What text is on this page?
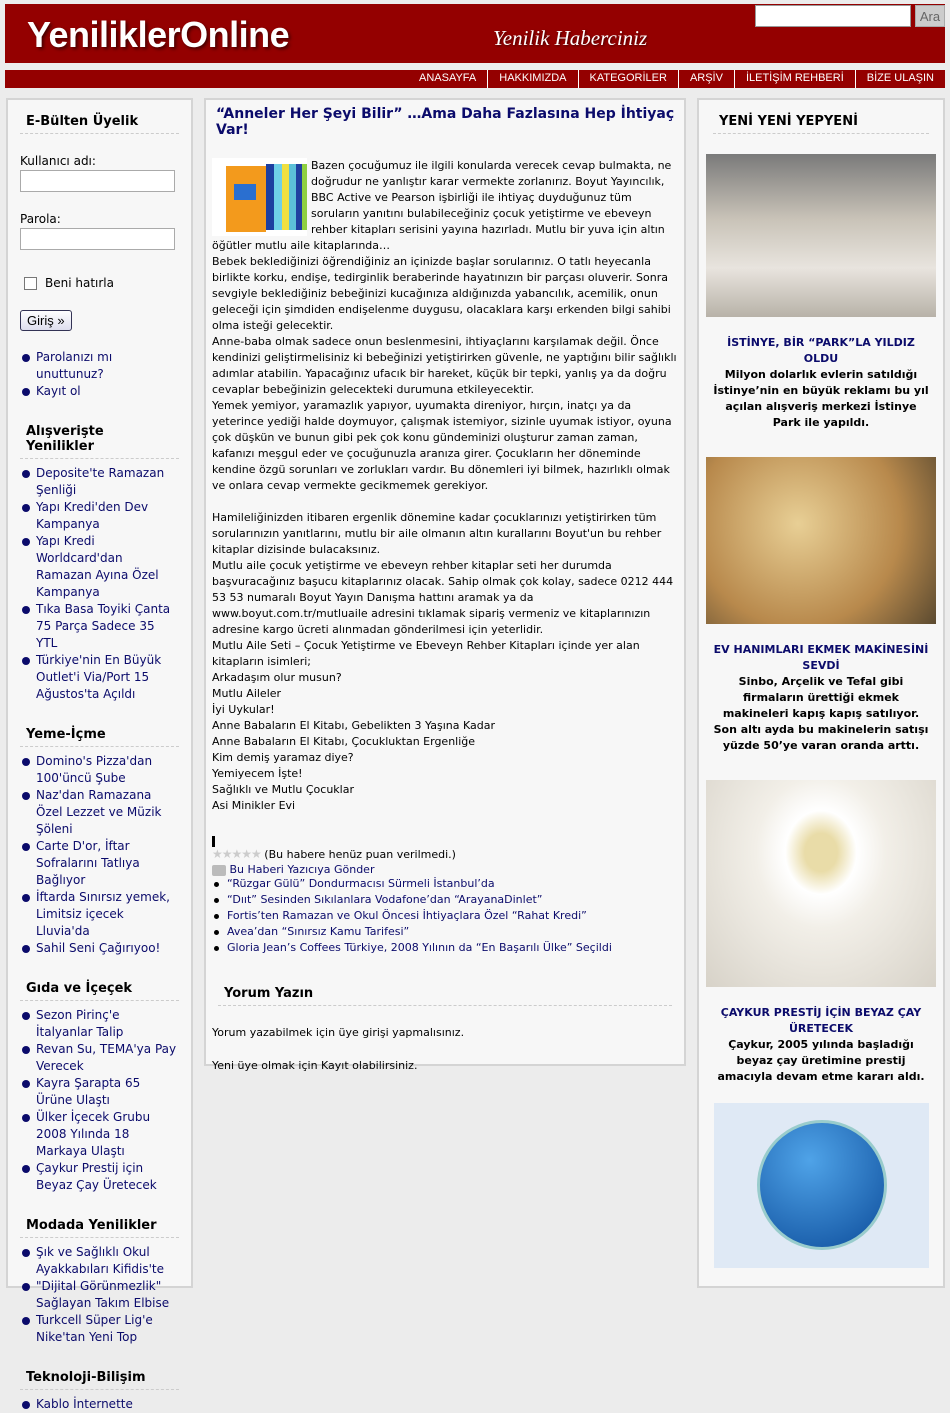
YeniliklerOnline	Yenilik Haberciniz
Ara
ANASAYFA	HAKKIMIZDA	KATEGORİLER	ARŞİV	İLETİŞİM REHBERİ	BİZE ULAŞIN
E-Bülten Üyelik
Kullanıcı adı:
Parola:
Beni hatırla
Giriş »
Parolanızı mı unuttunuz?
Kayıt ol
Alışverişte Yenilikler
Deposite'te Ramazan Şenliği
Yapı Kredi'den Dev Kampanya
Yapı Kredi Worldcard'dan Ramazan Ayına Özel Kampanya
Tıka Basa Toyiki Çanta 75 Parça Sadece 35 YTL
Türkiye'nin En Büyük Outlet'i Via/Port 15 Ağustos'ta Açıldı
Yeme-İçme
Domino's Pizza'dan 100'üncü Şube
Naz'dan Ramazana Özel Lezzet ve Müzik Şöleni
Carte D'or, İftar Sofralarını Tatlıya Bağlıyor
İftarda Sınırsız yemek, Limitsiz içecek Lluvia'da
Sahil Seni Çağırıyoo!
Gıda ve İçeçek
Sezon Pirinç'e İtalyanlar Talip
Revan Su, TEMA'ya Pay Verecek
Kayra Şarapta 65 Ürüne Ulaştı
Ülker İçecek Grubu 2008 Yılında 18 Markaya Ulaştı
Çaykur Prestij için Beyaz Çay Üretecek
Modada Yenilikler
Şık ve Sağlıklı Okul Ayakkabıları Kifidis'te
"Dijital Görünmezlik" Sağlayan Takım Elbise
Turkcell Süper Lig'e Nike'tan Yeni Top
Teknoloji-Bilişim
Kablo İnternette
“Anneler Her Şeyi Bilir” …Ama Daha Fazlasına Hep İhtiyaç Var!
Bazen çocuğumuz ile ilgili konularda verecek cevap bulmakta, ne doğrudur ne yanlıştır karar vermekte zorlanırız. Boyut Yayıncılık, BBC Active ve Pearson işbirliği ile ihtiyaç duyduğunuz tüm soruların yanıtını bulabileceğiniz çocuk yetiştirme ve ebeveyn rehber kitapları serisini yayına hazırladı. Mutlu bir yuva için altın öğütler mutlu aile kitaplarında…
Bebek beklediğinizi öğrendiğiniz an içinizde başlar sorularınız. O tatlı heyecanla birlikte korku, endişe, tedirginlik beraberinde hayatınızın bir parçası oluverir. Sonra sevgiyle beklediğiniz bebeğinizi kucağınıza aldığınızda yabancılık, acemilik, onun geleceği için şimdiden endişelenme duygusu, olacaklara karşı erkenden bilgi sahibi olma isteği gelecektir.
Anne-baba olmak sadece onun beslenmesini, ihtiyaçlarını karşılamak değil. Önce kendinizi geliştirmelisiniz ki bebeğinizi yetiştirirken güvenle, ne yaptığını bilir sağlıklı adımlar atabilin. Yapacağınız ufacık bir hareket, küçük bir tepki, yanlış ya da doğru cevaplar bebeğinizin gelecekteki durumuna etkileyecektir.
Yemek yemiyor, yaramazlık yapıyor, uyumakta direniyor, hırçın, inatçı ya da yeterince yediği halde doymuyor, çalışmak istemiyor, sizinle uyumak istiyor, oyuna çok düşkün ve bunun gibi pek çok konu gündeminizi oluşturur zaman zaman, kafanızı meşgul eder ve çocuğunuzla aranıza girer. Çocukların her döneminde kendine özgü sorunları ve zorlukları vardır. Bu dönemleri iyi bilmek, hazırlıklı olmak ve onlara cevap vermekte gecikmemek gerekiyor.
Hamileliğinizden itibaren ergenlik dönemine kadar çocuklarınızı yetiştirirken tüm sorularınızın yanıtlarını, mutlu bir aile olmanın altın kurallarını Boyut'un bu rehber kitaplar dizisinde bulacaksınız.
Mutlu aile çocuk yetiştirme ve ebeveyn rehber kitaplar seti her durumda başvuracağınız başucu kitaplarınız olacak. Sahip olmak çok kolay, sadece 0212 444 53 53 numaralı Boyut Yayın Danışma hattını aramak ya da www.boyut.com.tr/mutluaile adresini tıklamak sipariş vermeniz ve kitaplarınızın adresine kargo ücreti alınmadan gönderilmesi için yeterlidir.
Mutlu Aile Seti – Çocuk Yetiştirme ve Ebeveyn Rehber Kitapları içinde yer alan kitapların isimleri;
Arkadaşım olur musun?
Mutlu Aileler
İyi Uykular!
Anne Babaların El Kitabı, Gebelikten 3 Yaşına Kadar
Anne Babaların El Kitabı, Çocukluktan Ergenliğe
Kim demiş yaramaz diye?
Yemiyecem İşte!
Sağlıklı ve Mutlu Çocuklar
Asi Minikler Evi
★★★★★ (Bu habere henüz puan verilmedi.)
Bu Haberi Yazıcıya Gönder
“Rüzgar Gülü” Dondurmacısı Sürmeli İstanbul’da
“Dııt” Sesinden Sıkılanlara Vodafone’dan “ArayanaDinlet”
Fortis’ten Ramazan ve Okul Öncesi İhtiyaçlara Özel “Rahat Kredi”
Avea’dan “Sınırsız Kamu Tarifesi”
Gloria Jean’s Coffees Türkiye, 2008 Yılının da “En Başarılı Ülke” Seçildi
Yorum Yazın
Yorum yazabilmek için üye girişi yapmalısınız.
Yeni üye olmak için Kayıt olabilirsiniz.
YENİ YENİ YEPYENİ
İSTİNYE, BİR “PARK”LA YILDIZ OLDU
Milyon dolarlık evlerin satıldığı İstinye’nin en büyük reklamı bu yıl açılan alışveriş merkezi İstinye Park ile yapıldı.
EV HANIMLARI EKMEK MAKİNESİNİ SEVDİ
Sinbo, Arçelik ve Tefal gibi firmaların ürettiği ekmek makineleri kapış kapış satılıyor. Son altı ayda bu makinelerin satışı yüzde 50’ye varan oranda arttı.
ÇAYKUR PRESTİJ İÇİN BEYAZ ÇAY ÜRETECEK
Çaykur, 2005 yılında başladığı beyaz çay üretimine prestij amacıyla devam etme kararı aldı.
